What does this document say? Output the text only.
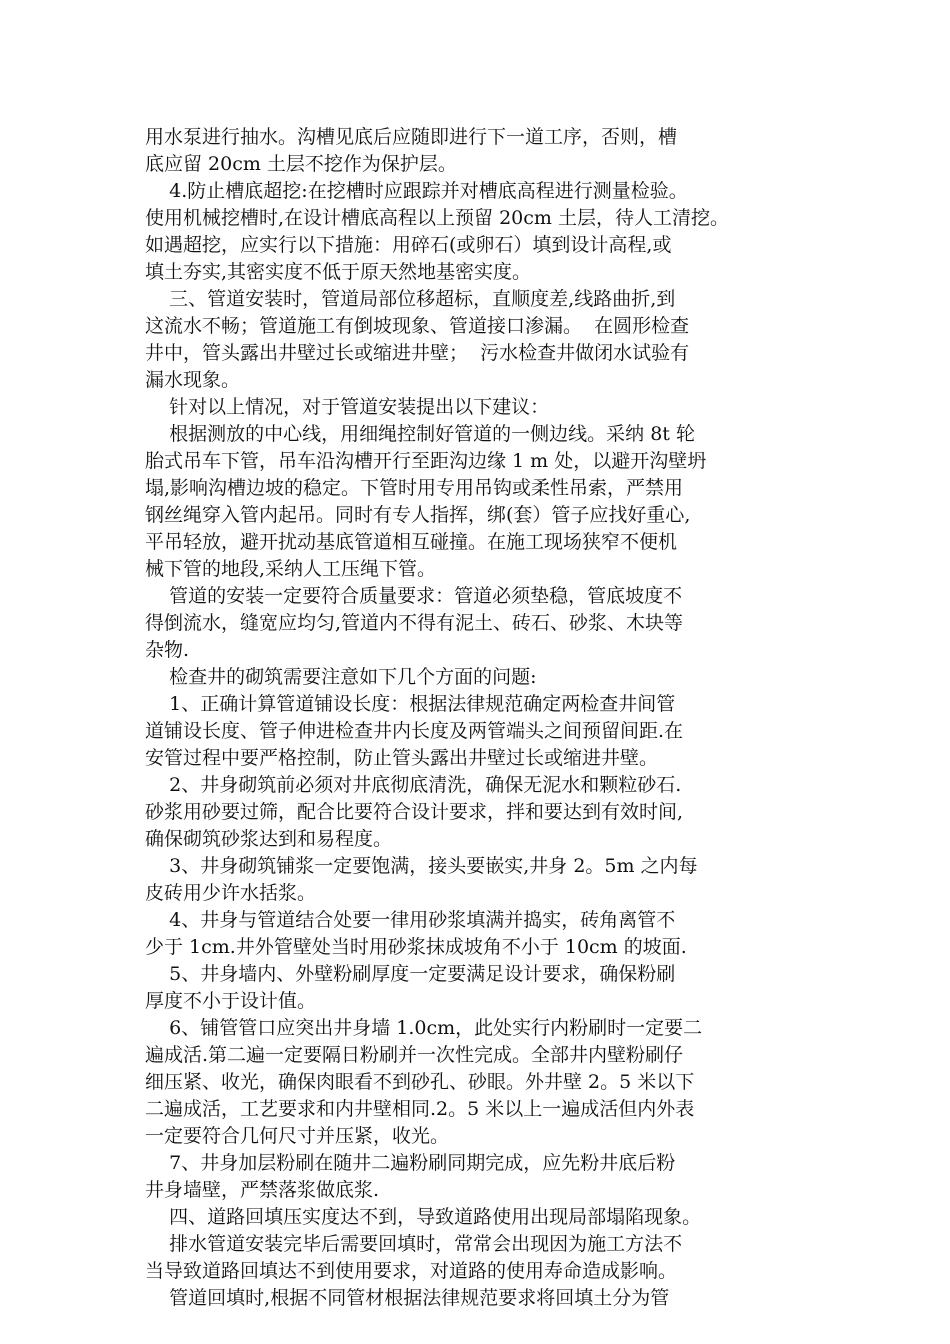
用水泵进行抽水。沟槽见底后应随即进行下一道工序，否则，槽
底应留 20cm 土层不挖作为保护层。
4.防止槽底超挖:在挖槽时应跟踪并对槽底高程进行测量检验。
使用机械挖槽时,在设计槽底高程以上预留 20cm 土层，待人工清挖。
如遇超挖，应实行以下措施：用碎石(或卵石）填到设计高程,或
填土夯实,其密实度不低于原天然地基密实度。
三、管道安装时，管道局部位移超标，直顺度差,线路曲折,到
这流水不畅；管道施工有倒坡现象、管道接口渗漏。  在圆形检查
井中，管头露出井壁过长或缩进井壁；  污水检查井做闭水试验有
漏水现象。
针对以上情况，对于管道安装提出以下建议：
根据测放的中心线，用细绳控制好管道的一侧边线。采纳 8t 轮
胎式吊车下管，吊车沿沟槽开行至距沟边缘 1 m 处，以避开沟壁坍
塌,影响沟槽边坡的稳定。下管时用专用吊钩或柔性吊索，严禁用
钢丝绳穿入管内起吊。同时有专人指挥，绑(套）管子应找好重心,
平吊轻放，避开扰动基底管道相互碰撞。在施工现场狭窄不便机
械下管的地段,采纳人工压绳下管。
管道的安装一定要符合质量要求：管道必须垫稳，管底坡度不
得倒流水，缝宽应均匀,管道内不得有泥土、砖石、砂浆、木块等
杂物.
检查井的砌筑需要注意如下几个方面的问题:
1、正确计算管道铺设长度：根据法律规范确定两检查井间管
道铺设长度、管子伸进检查井内长度及两管端头之间预留间距.在
安管过程中要严格控制，防止管头露出井壁过长或缩进井壁。
2、井身砌筑前必须对井底彻底清洗，确保无泥水和颗粒砂石.
砂浆用砂要过筛，配合比要符合设计要求，拌和要达到有效时间,
确保砌筑砂浆达到和易程度。
3、井身砌筑铺浆一定要饱满，接头要嵌实,井身 2。5m 之内每
皮砖用少许水括浆。
4、井身与管道结合处要一律用砂浆填满并捣实，砖角离管不
少于 1cm.井外管壁处当时用砂浆抹成坡角不小于 10cm 的坡面.
5、井身墙内、外壁粉刷厚度一定要满足设计要求，确保粉刷
厚度不小于设计值。
6、铺管管口应突出井身墙 1.0cm，此处实行内粉刷时一定要二
遍成活.第二遍一定要隔日粉刷并一次性完成。全部井内壁粉刷仔
细压紧、收光，确保肉眼看不到砂孔、砂眼。外井壁 2。5 米以下
二遍成活，工艺要求和内井壁相同.2。5 米以上一遍成活但内外表
一定要符合几何尺寸并压紧，收光。
7、井身加层粉刷在随井二遍粉刷同期完成，应先粉井底后粉
井身墙壁，严禁落浆做底浆.
四、道路回填压实度达不到，导致道路使用出现局部塌陷现象。
排水管道安装完毕后需要回填时，常常会出现因为施工方法不
当导致道路回填达不到使用要求，对道路的使用寿命造成影响。
管道回填时,根据不同管材根据法律规范要求将回填土分为管
